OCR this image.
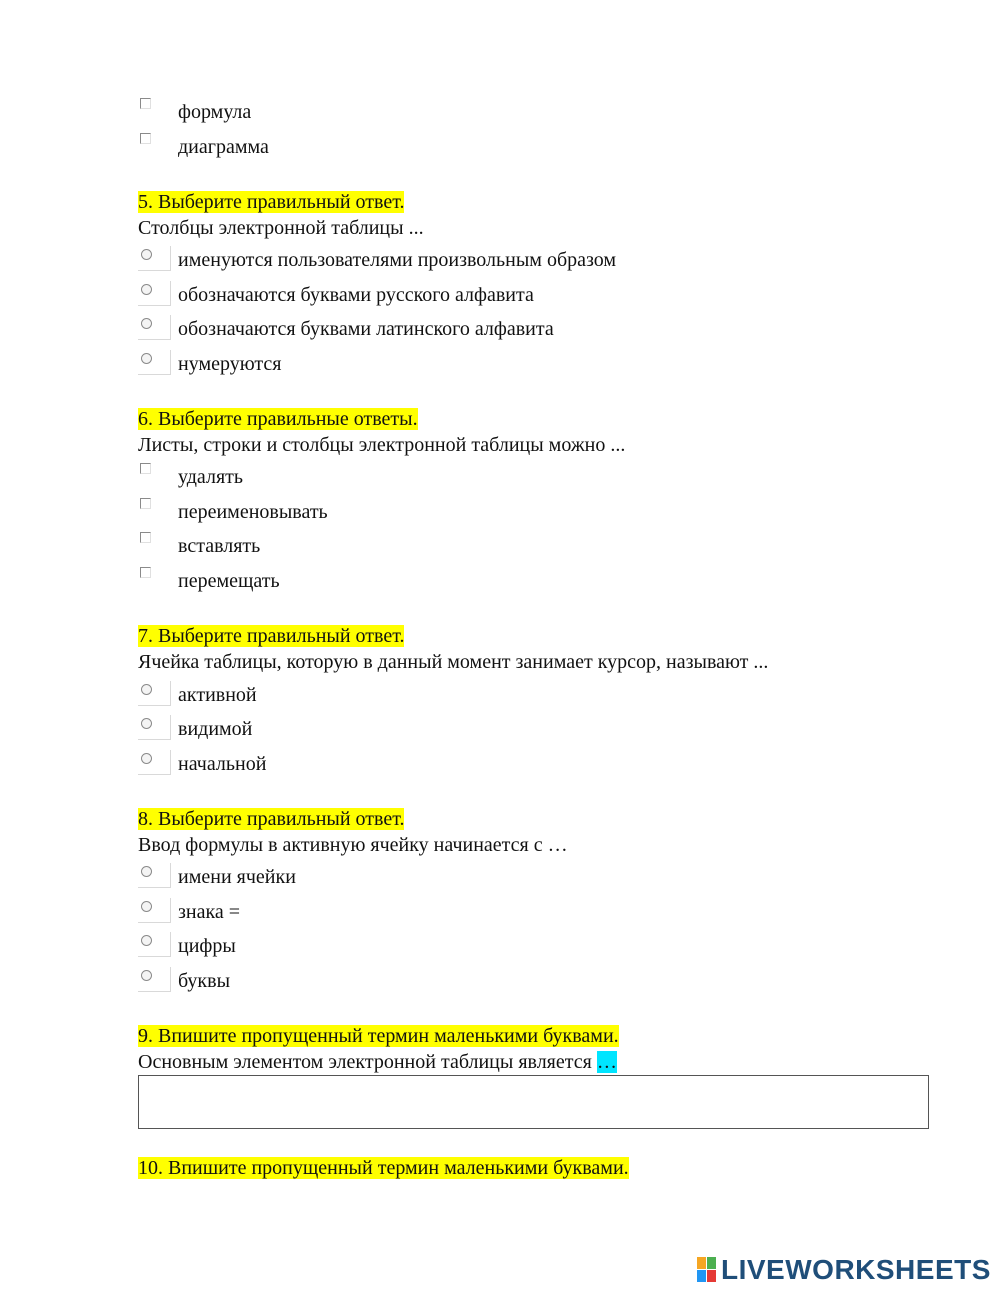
формула
диаграмма
5. Выберите правильный ответ.
Столбцы электронной таблицы ...
именуются пользователями произвольным образом
обозначаются буквами русского алфавита
обозначаются буквами латинского алфавита
нумеруются
6. Выберите правильные ответы.
Листы, строки и столбцы электронной таблицы можно ...
удалять
переименовывать
вставлять
перемещать
7. Выберите правильный ответ.
Ячейка таблицы, которую в данный момент занимает курсор, называют ...
активной
видимой
начальной
8. Выберите правильный ответ.
Ввод формулы в активную ячейку начинается с …
имени ячейки
знака =
цифры
буквы
9. Впишите пропущенный термин маленькими буквами.
Основным элементом электронной таблицы является …
10. Впишите пропущенный термин маленькими буквами.
LIVEWORKSHEETS
